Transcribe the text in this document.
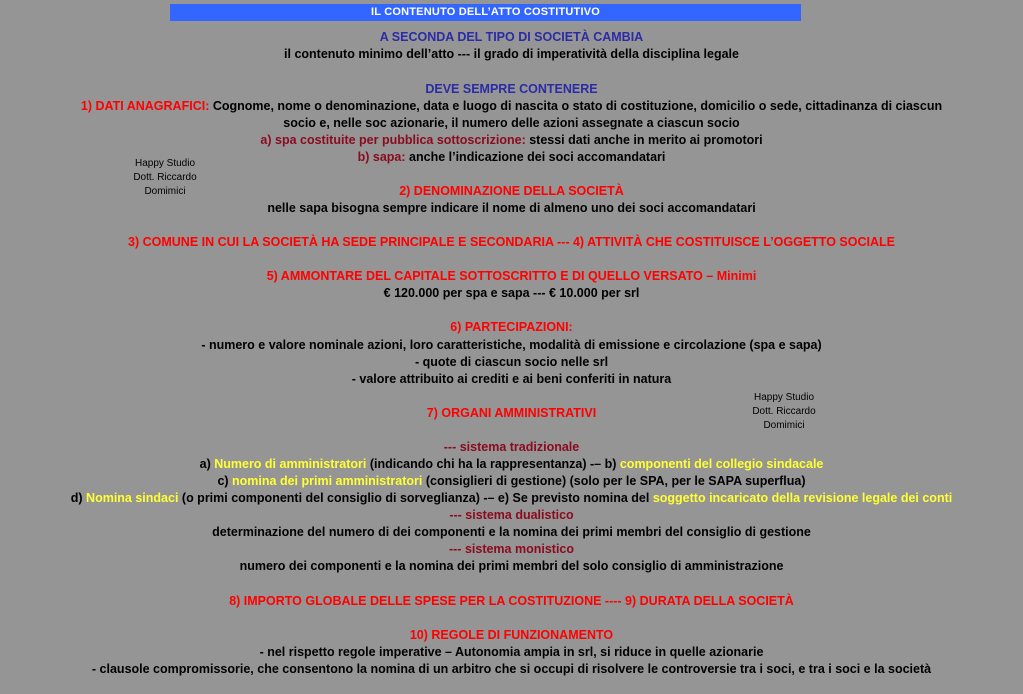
IL CONTENUTO DELL’ATTO COSTITUTIVO
A SECONDA DEL TIPO DI SOCIETÀ CAMBIA
il contenuto minimo dell’atto --- il grado di imperatività della disciplina legale
DEVE SEMPRE CONTENERE
1) DATI ANAGRAFICI: Cognome, nome o denominazione, data e luogo di nascita o stato di costituzione, domicilio o sede, cittadinanza di ciascun
socio e, nelle soc azionarie, il numero delle azioni assegnate a ciascun socio
a) spa costituite per pubblica sottoscrizione: stessi dati anche in merito ai promotori
b) sapa: anche l’indicazione dei soci accomandatari
Happy Studio
Dott. Riccardo
Domimici	2) DENOMINAZIONE DELLA SOCIETÀ
nelle sapa bisogna sempre indicare il nome di almeno uno dei soci accomandatari
3) COMUNE IN CUI LA SOCIETÀ HA SEDE PRINCIPALE E SECONDARIA --- 4) ATTIVITÀ CHE COSTITUISCE L’OGGETTO SOCIALE
5) AMMONTARE DEL CAPITALE SOTTOSCRITTO E DI QUELLO VERSATO – Minimi
€ 120.000 per spa e sapa --- € 10.000 per srl
6) PARTECIPAZIONI:
- numero e valore nominale azioni, loro caratteristiche, modalità di emissione e circolazione (spa e sapa)
- quote di ciascun socio nelle srl
- valore attribuito ai crediti e ai beni conferiti in natura
Happy Studio
Dott. Riccardo
Domimici
7) ORGANI AMMINISTRATIVI
--- sistema tradizionale
a) Numero di amministratori (indicando chi ha la rappresentanza) -– b) componenti del collegio sindacale
c) nomina dei primi amministratori (consiglieri di gestione) (solo per le SPA, per le SAPA superflua)
d) Nomina sindaci (o primi componenti del consiglio di sorveglianza) -– e) Se previsto nomina del soggetto incaricato della revisione legale dei conti
--- sistema dualistico
determinazione del numero di dei componenti e la nomina dei primi membri del consiglio di gestione
--- sistema monistico
numero dei componenti e la nomina dei primi membri del solo consiglio di amministrazione
8) IMPORTO GLOBALE DELLE SPESE PER LA COSTITUZIONE ---- 9) DURATA DELLA SOCIETÀ
10) REGOLE DI FUNZIONAMENTO
- nel rispetto regole imperative – Autonomia ampia in srl, si riduce in quelle azionarie
- clausole compromissorie, che consentono la nomina di un arbitro che si occupi di risolvere le controversie tra i soci, e tra i soci e la società
